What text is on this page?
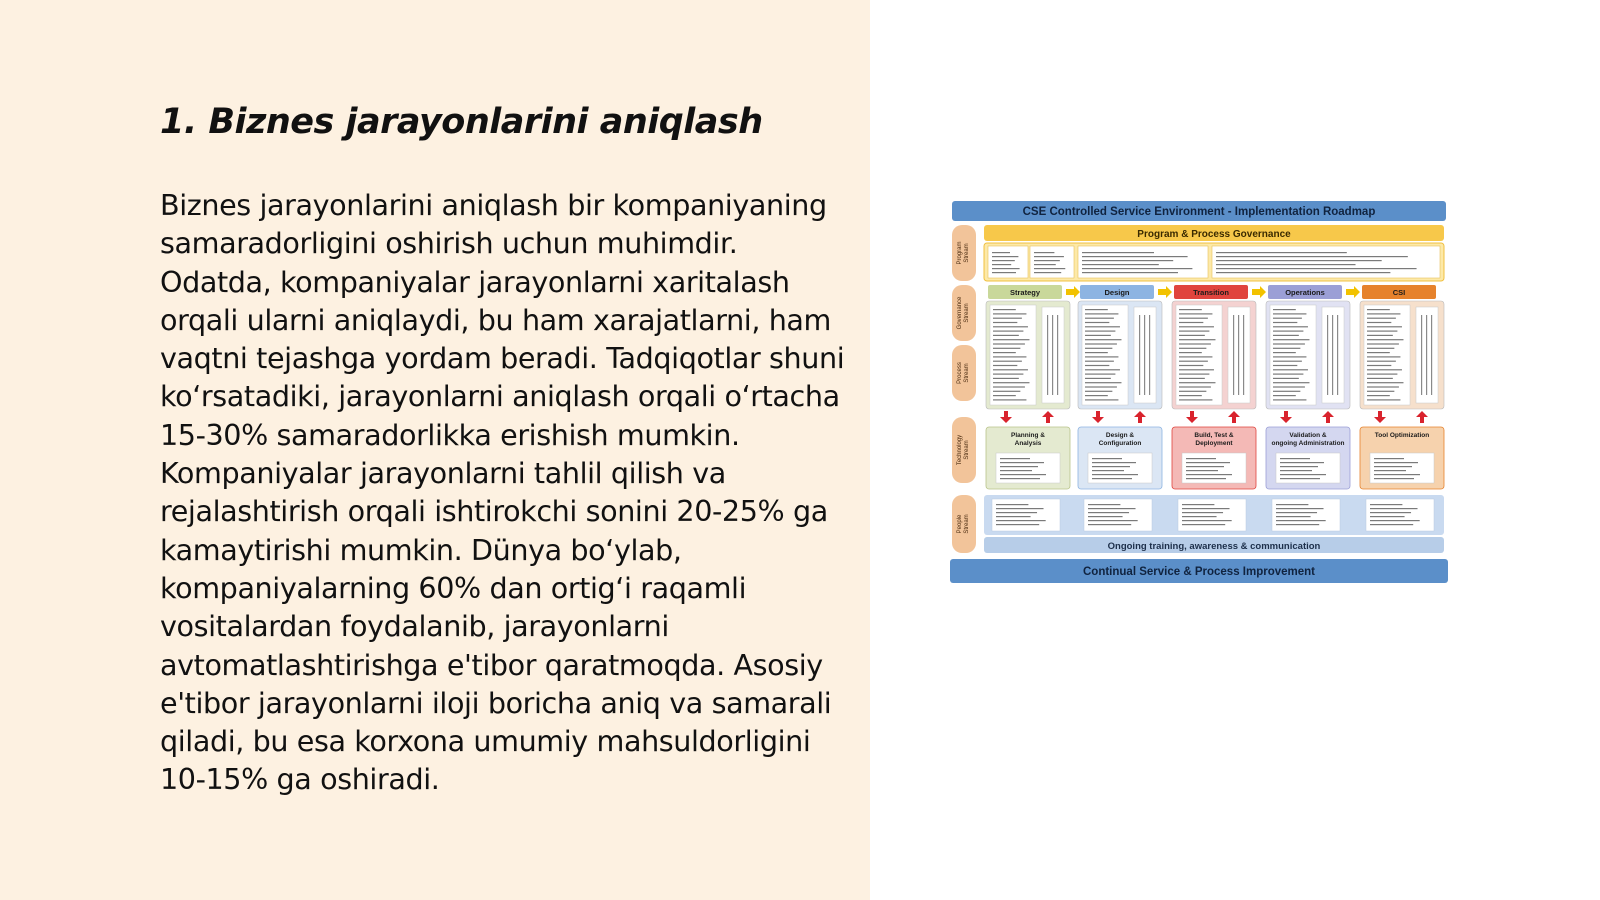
1. Biznes jarayonlarini aniqlash

Biznes jarayonlarini aniqlash bir kompaniyaning samaradorligini oshirish uchun muhimdir. Odatda, kompaniyalar jarayonlarni xaritalash orqali ularni aniqlaydi, bu ham xarajatlarni, ham vaqtni tejashga yordam beradi. Tadqiqotlar shuni ko‘rsatadiki, jarayonlarni aniqlash orqali o‘rtacha 15-30% samaradorlikka erishish mumkin. Kompaniyalar jarayonlarni tahlil qilish va rejalashtirish orqali ishtirokchi sonini 20-25% ga kamaytirishi mumkin. Dünya bo‘ylab, kompaniyalarning 60% dan ortig‘i raqamli vositalardan foydalanib, jarayonlarni avtomatlashtirishga e'tibor qaratmoqda. Asosiy e'tibor jarayonlarni iloji boricha aniq va samarali qiladi, bu esa korxona umumiy mahsuldorligini 10-15% ga oshiradi.

CSE Controlled Service Environment - Implementation Roadmap
ProgramStream
GovernanceStream
ProcessStream
TechnologyStream
PeopleStream
Program & Process Governance
Strategy	Design	Transition	Operations	CSI
Planning & Analysis
Design & Configuration
Build, Test & Deployment
Validation & ongoing Administration
Tool Optimization
Ongoing training, awareness & communication
Continual Service & Process Improvement
